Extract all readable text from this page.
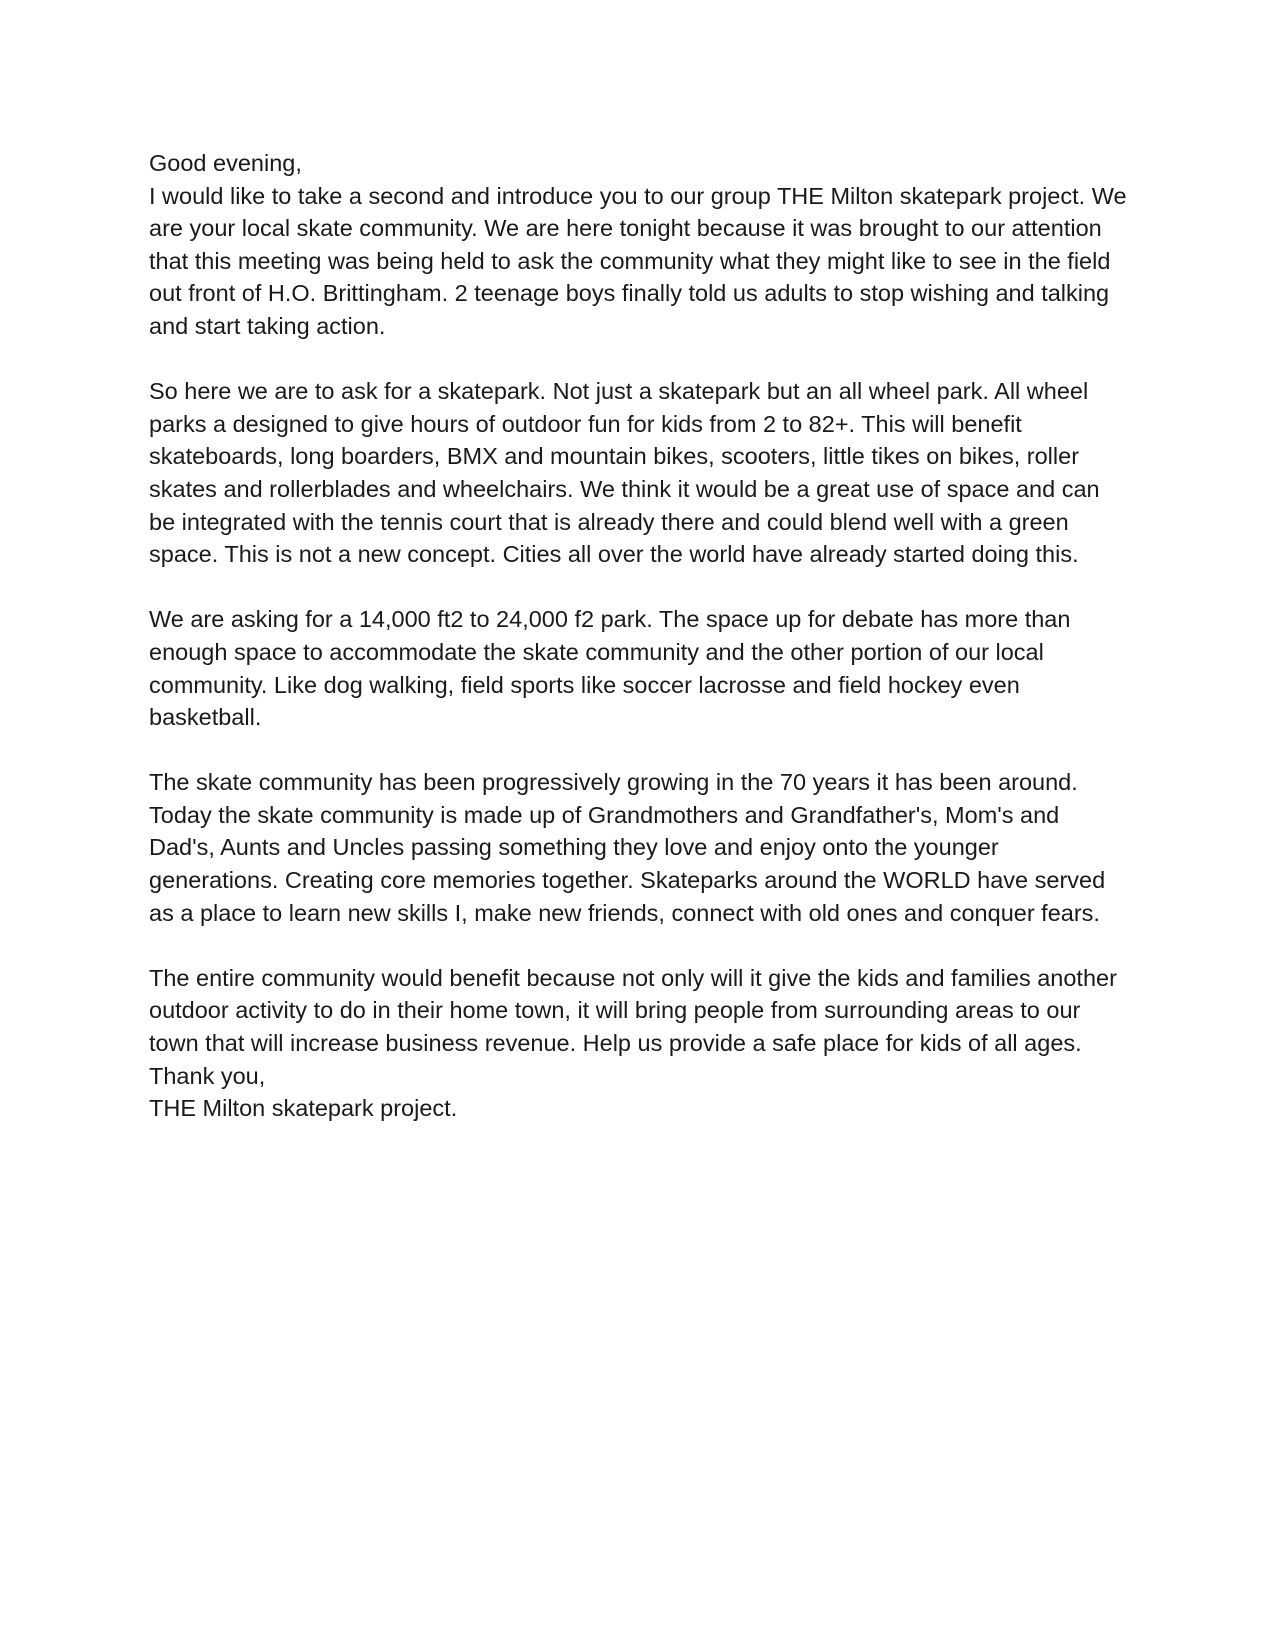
Good evening,

I would like to take a second and introduce you to our group THE Milton skatepark project. We are your local skate community. We are here tonight because it was brought to our attention that this meeting was being held to ask the community what they might like to see in the field out front of H.O. Brittingham. 2 teenage boys finally told us adults to stop wishing and talking and start taking action.

So here we are to ask for a skatepark. Not just a skatepark but an all wheel park. All wheel parks a designed to give hours of outdoor fun for kids from 2 to 82+. This will benefit skateboards, long boarders, BMX and mountain bikes, scooters, little tikes on bikes, roller skates and rollerblades and wheelchairs. We think it would be a great use of space and can be integrated with the tennis court that is already there and could blend well with a green space. This is not a new concept. Cities all over the world have already started doing this.

We are asking for a 14,000 ft2 to 24,000 f2 park. The space up for debate has more than enough space to accommodate the skate community and the other portion of our local community. Like dog walking, field sports like soccer lacrosse and field hockey even basketball.

The skate community has been progressively growing in the 70 years it has been around. Today the skate community is made up of Grandmothers and Grandfather's, Mom's and Dad's, Aunts and Uncles passing something they love and enjoy onto the younger generations. Creating core memories together. Skateparks around the WORLD have served as a place to learn new skills I, make new friends, connect with old ones and conquer fears.

The entire community would benefit because not only will it give the kids and families another outdoor activity to do in their home town, it will bring people from surrounding areas to our town that will increase business revenue. Help us provide a safe place for kids of all ages.

Thank you,

THE Milton skatepark project.
